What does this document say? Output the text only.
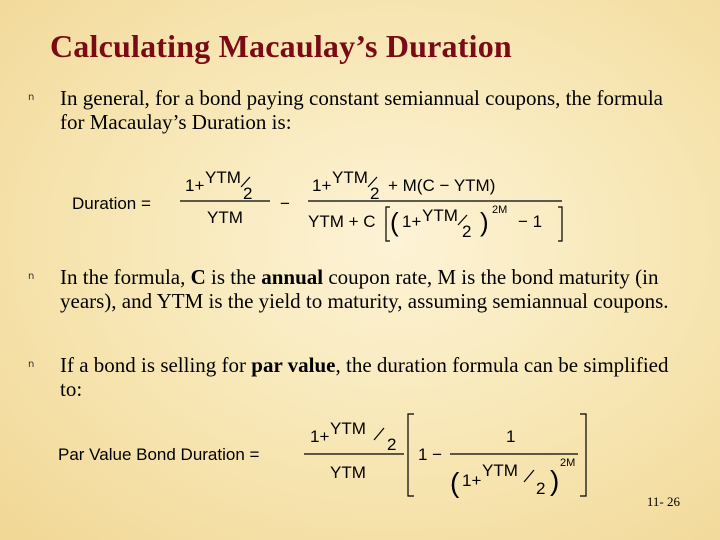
Calculating Macaulay’s Duration
n	In general, for a bond paying constant semiannual coupons, the formula for Macaulay’s Duration is:
Duration =
1+ YTM
2
YTM
−
1+ YTM
2 + M(C − YTM)
YTM + C ( 1+ YTM
2 ) 2M
− 1
n	In the formula, C is the annual coupon rate, M is the bond maturity (in years), and YTM is the yield to maturity, assuming semiannual coupons.
n	If a bond is selling for par value, the duration formula can be simplified to:
Par Value Bond Duration =
1+ YTM
2
YTM
1 −
1
( 1+
YTM
2 )
2M
11- 26
